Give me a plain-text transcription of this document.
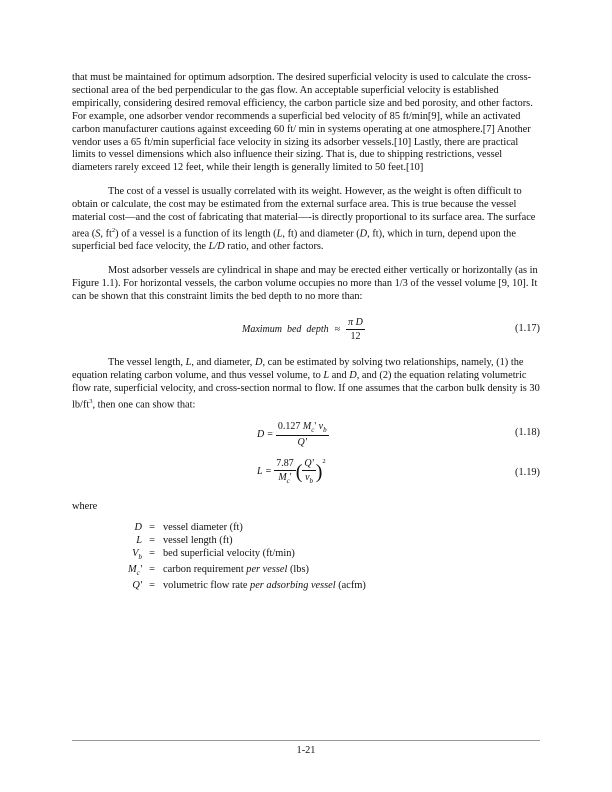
that must be maintained for optimum adsorption. The desired superficial velocity is used to calculate the cross-sectional area of the bed perpendicular to the gas flow. An acceptable superficial velocity is established empirically, considering desired removal efficiency, the carbon particle size and bed porosity, and other factors. For example, one adsorber vendor recommends a superficial bed velocity of 85 ft/min[9], while an activated carbon manufacturer cautions against exceeding 60 ft/ min in systems operating at one atmosphere.[7] Another vendor uses a 65 ft/min superficial face velocity in sizing its adsorber vessels.[10] Lastly, there are practical limits to vessel dimensions which also influence their sizing. That is, due to shipping restrictions, vessel diameters rarely exceed 12 feet, while their length is generally limited to 50 feet.[10]

The cost of a vessel is usually correlated with its weight. However, as the weight is often difficult to obtain or calculate, the cost may be estimated from the external surface area. This is true because the vessel material cost—and the cost of fabricating that material—-is directly proportional to its surface area. The surface area (S, $ft^2$) of a vessel is a function of its length (L, ft) and diameter (D, ft), which in turn, depend upon the superficial bed face velocity, the L/D ratio, and other factors.

Most adsorber vessels are cylindrical in shape and may be erected either vertically or horizontally (as in Figure 1.1). For horizontal vessels, the carbon volume occupies no more than 1/3 of the vessel volume [9, 10]. It can be shown that this constraint limits the bed depth to no more than:

Maximum  bed  depth ≈ $\frac{\text{π D}}{12}$	(1.17)

The vessel length, L, and diameter, D, can be estimated by solving two relationships, namely, (1) the equation relating carbon volume, and thus vessel volume, to L and D, and (2) the equation relating volumetric flow rate, superficial velocity, and cross-section normal to flow. If one assumes that the carbon bulk density is 30 $lb/ft^3$, then one can show that:

$D = \frac{0.127 M_c' v_b}{Q'}$	(1.18)
$L = \frac{7.87}{M_c'}$ ( $\frac{Q'}{v_b} )^2$
(1.19)

where

D = vessel diameter (ft)
L = vessel length (ft)
$V_b$ = bed superficial velocity (ft/min)
$M_c'$ = carbon requirement per vessel (lbs)
Q' = volumetric flow rate per adsorbing vessel (acfm)
1-21
